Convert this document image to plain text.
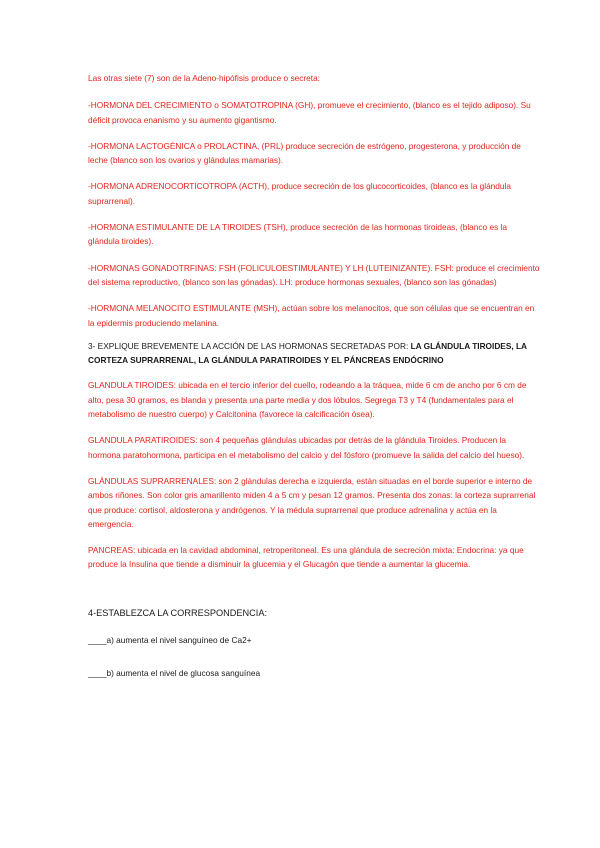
Las otras siete (7) son de la Adeno-hipófisis produce o secreta:

-HORMONA DEL CRECIMIENTO o SOMATOTROPINA (GH), promueve el crecimiento, (blanco es el tejido adiposo). Su déficit provoca enanismo y su aumento gigantismo.

-HORMONA LACTOGÉNICA o PROLACTINA, (PRL) produce secreción de estrógeno, progesterona, y producción de leche (blanco son los ovarios y glándulas mamarias).

-HORMONA ADRENOCORTICOTROPA (ACTH), produce secreción de los glucocorticoides, (blanco es la glándula suprarrenal).

-HORMONA ESTIMULANTE DE LA TIROIDES (TSH), produce secreción de las hormonas tiroideas, (blanco es la glándula tiroides).

-HORMONAS GONADOTRFINAS: FSH (FOLICULOESTIMULANTE) Y LH (LUTEINIZANTE). FSH: produce el crecimiento del sistema reproductivo, (blanco son las gónadas). LH: produce hormonas sexuales, (blanco son las gónadas)

-HORMONA MELANOCITO ESTIMULANTE (MSH), actúan sobre los melanocitos, que son células que se encuentran en la epidermis produciendo melanina.

3- EXPLIQUE BREVEMENTE LA ACCIÓN DE LAS HORMONAS SECRETADAS POR: LA GLÁNDULA TIROIDES, LA CORTEZA SUPRARRENAL, LA GLÁNDULA PARATIROIDES Y EL PÁNCREAS ENDÓCRINO

GLANDULA TIROIDES: ubicada en el tercio inferior del cuello, rodeando a la tráquea, mide 6 cm de ancho por 6 cm de alto, pesa 30 gramos, es blanda y presenta una parte media y dos lóbulos. Segrega T3 y T4 (fundamentales para el metabolismo de nuestro cuerpo) y Calcitonina (favorece la calcificación ósea).

GLANDULA PARATIROIDES: son 4 pequeñas glándulas ubicadas por detrás de la glándula Tiroides. Producen la hormona paratohormona, participa en el metabolismo del calcio y del fósforo (promueve la salida del calcio del hueso).

GLÁNDULAS SUPRARRENALES: son 2 glándulas derecha e izquierda, están situadas en el borde superior e interno de ambos riñones. Son color gris amarillento miden 4 a 5 cm y pesan 12 gramos. Presenta dos zonas: la corteza suprarrenal que produce: cortisol, aldosterona y andrógenos. Y la médula suprarrenal que produce adrenalina y actúa en la emergencia.

PANCREAS: ubicada en la cavidad abdominal, retroperitoneal. Es una glándula de secreción mixta: Endocrina: ya que produce la Insulina que tiende a disminuir la glucemia y el Glucagón que tiende a aumentar la glucemia.

4-ESTABLEZCA LA CORRESPONDENCIA:

____a) aumenta el nivel sanguíneo de Ca2+

____b) aumenta el nivel de glucosa sanguínea
